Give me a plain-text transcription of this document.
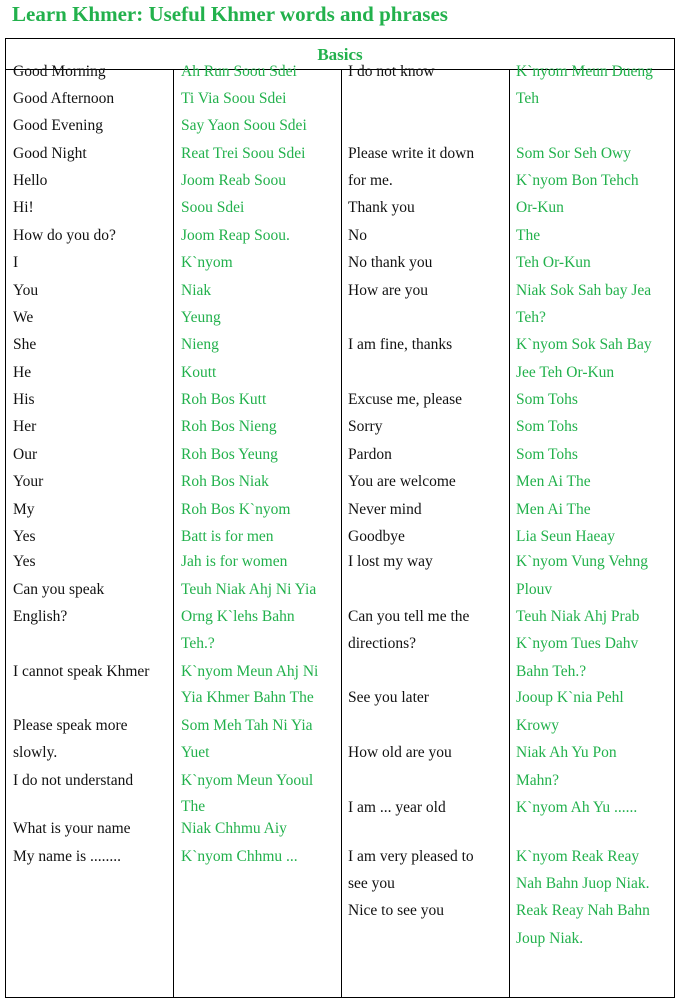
Learn Khmer: Useful Khmer words and phrases
Basics
Good Morning
Good Afternoon
Good Evening
Good Night
Hello
Hi!
How do you do?
I
You
We
She
He
His
Her
Our
Your
My
Yes
Yes
Can you speak
English?
I cannot speak Khmer
Please speak more
slowly.
I do not understand
What is your name
My name is ........
Ah Run Soou Sdei
Ti Via Soou Sdei
Say Yaon Soou Sdei
Reat Trei Soou Sdei
Joom Reab Soou
Soou Sdei
Joom Reap Soou.
K`nyom
Niak
Yeung
Nieng
Koutt
Roh Bos Kutt
Roh Bos Nieng
Roh Bos Yeung
Roh Bos Niak
Roh Bos K`nyom
Batt is for men
Jah is for women
Teuh Niak Ahj Ni Yia
Orng K`lehs Bahn
Teh.?
K`nyom Meun Ahj Ni
Yia Khmer Bahn The
Som Meh Tah Ni Yia
Yuet
K`nyom Meun Yooul
The
Niak Chhmu Aiy
K`nyom Chhmu ...
I do not know
Please write it down
for me.
Thank you
No
No thank you
How are you
I am fine, thanks
Excuse me, please
Sorry
Pardon
You are welcome
Never mind
Goodbye
I lost my way
Can you tell me the
directions?
See you later
How old are you
I am ... year old
I am very pleased to
see you
Nice to see you
K`nyom Meun Dueng
Teh
Som Sor Seh Owy
K`nyom Bon Tehch
Or-Kun
The
Teh Or-Kun
Niak Sok Sah bay Jea
Teh?
K`nyom Sok Sah Bay
Jee Teh Or-Kun
Som Tohs
Som Tohs
Som Tohs
Men Ai The
Men Ai The
Lia Seun Haeay
K`nyom Vung Vehng
Plouv
Teuh Niak Ahj Prab
K`nyom Tues Dahv
Bahn Teh.?
Jooup K`nia Pehl
Krowy
Niak Ah Yu Pon
Mahn?
K`nyom Ah Yu ......
K`nyom Reak Reay
Nah Bahn Juop Niak.
Reak Reay Nah Bahn
Joup Niak.
